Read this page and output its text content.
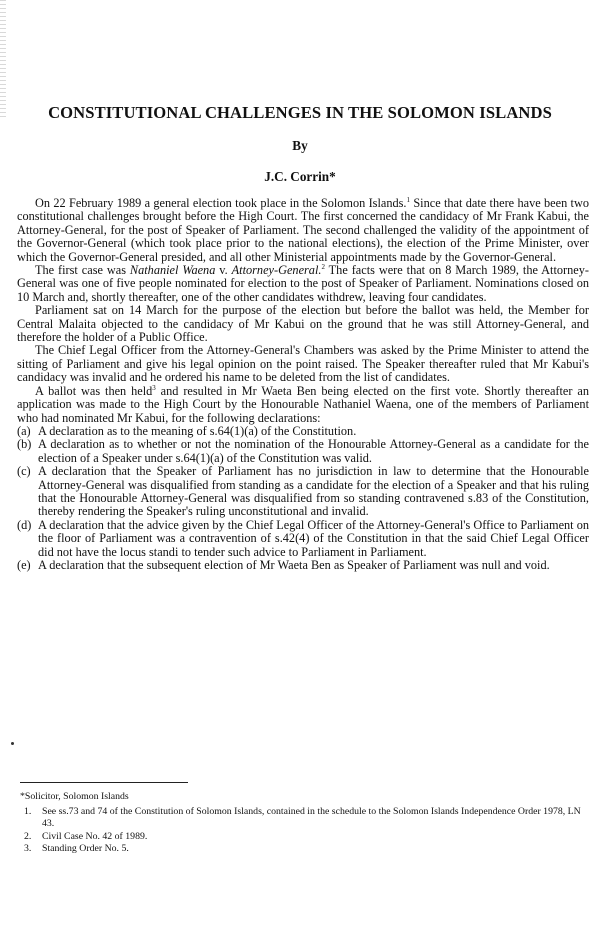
CONSTITUTIONAL CHALLENGES IN THE SOLOMON ISLANDS
By
J.C. Corrin*

On 22 February 1989 a general election took place in the Solomon Islands.$^1$ Since that date there have been two constitutional challenges brought before the High Court. The first concerned the candidacy of Mr Frank Kabui, the Attorney-General, for the post of Speaker of Parliament. The second challenged the validity of the appointment of the Governor-General (which took place prior to the national elections), the election of the Prime Minister, over which the Governor-General presided, and all other Ministerial appointments made by the Governor-General.

The first case was Nathaniel Waena v. Attorney-General.$^2$ The facts were that on 8 March 1989, the Attorney-General was one of five people nominated for election to the post of Speaker of Parliament. Nominations closed on 10 March and, shortly thereafter, one of the other candidates withdrew, leaving four candidates.

Parliament sat on 14 March for the purpose of the election but before the ballot was held, the Member for Central Malaita objected to the candidacy of Mr Kabui on the ground that he was still Attorney-General, and therefore the holder of a Public Office.

The Chief Legal Officer from the Attorney-General's Chambers was asked by the Prime Minister to attend the sitting of Parliament and give his legal opinion on the point raised. The Speaker thereafter ruled that Mr Kabui's candidacy was invalid and he ordered his name to be deleted from the list of candidates.

A ballot was then held$^3$ and resulted in Mr Waeta Ben being elected on the first vote. Shortly thereafter an application was made to the High Court by the Honourable Nathaniel Waena, one of the members of Parliament who had nominated Mr Kabui, for the following declarations:

(a) A declaration as to the meaning of s.64(1)(a) of the Constitution.
(b) A declaration as to whether or not the nomination of the Honourable Attorney-General as a candidate for the election of a Speaker under s.64(1)(a) of the Constitution was valid.
(c) A declaration that the Speaker of Parliament has no jurisdiction in law to determine that the Honourable Attorney-General was disqualified from standing as a candidate for the election of a Speaker and that his ruling that the Honourable Attorney-General was disqualified from so standing contravened s.83 of the Constitution, thereby rendering the Speaker's ruling unconstitutional and invalid.
(d) A declaration that the advice given by the Chief Legal Officer of the Attorney-General's Office to Parliament on the floor of Parliament was a contravention of s.42(4) of the Constitution in that the said Chief Legal Officer did not have the locus standi to tender such advice to Parliament in Parliament.
(e) A declaration that the subsequent election of Mr Waeta Ben as Speaker of Parliament was null and void.
*Solicitor, Solomon Islands
1. See ss.73 and 74 of the Constitution of Solomon Islands, contained in the schedule to the Solomon Islands Independence Order 1978, LN 43.
2. Civil Case No. 42 of 1989.
3. Standing Order No. 5.
